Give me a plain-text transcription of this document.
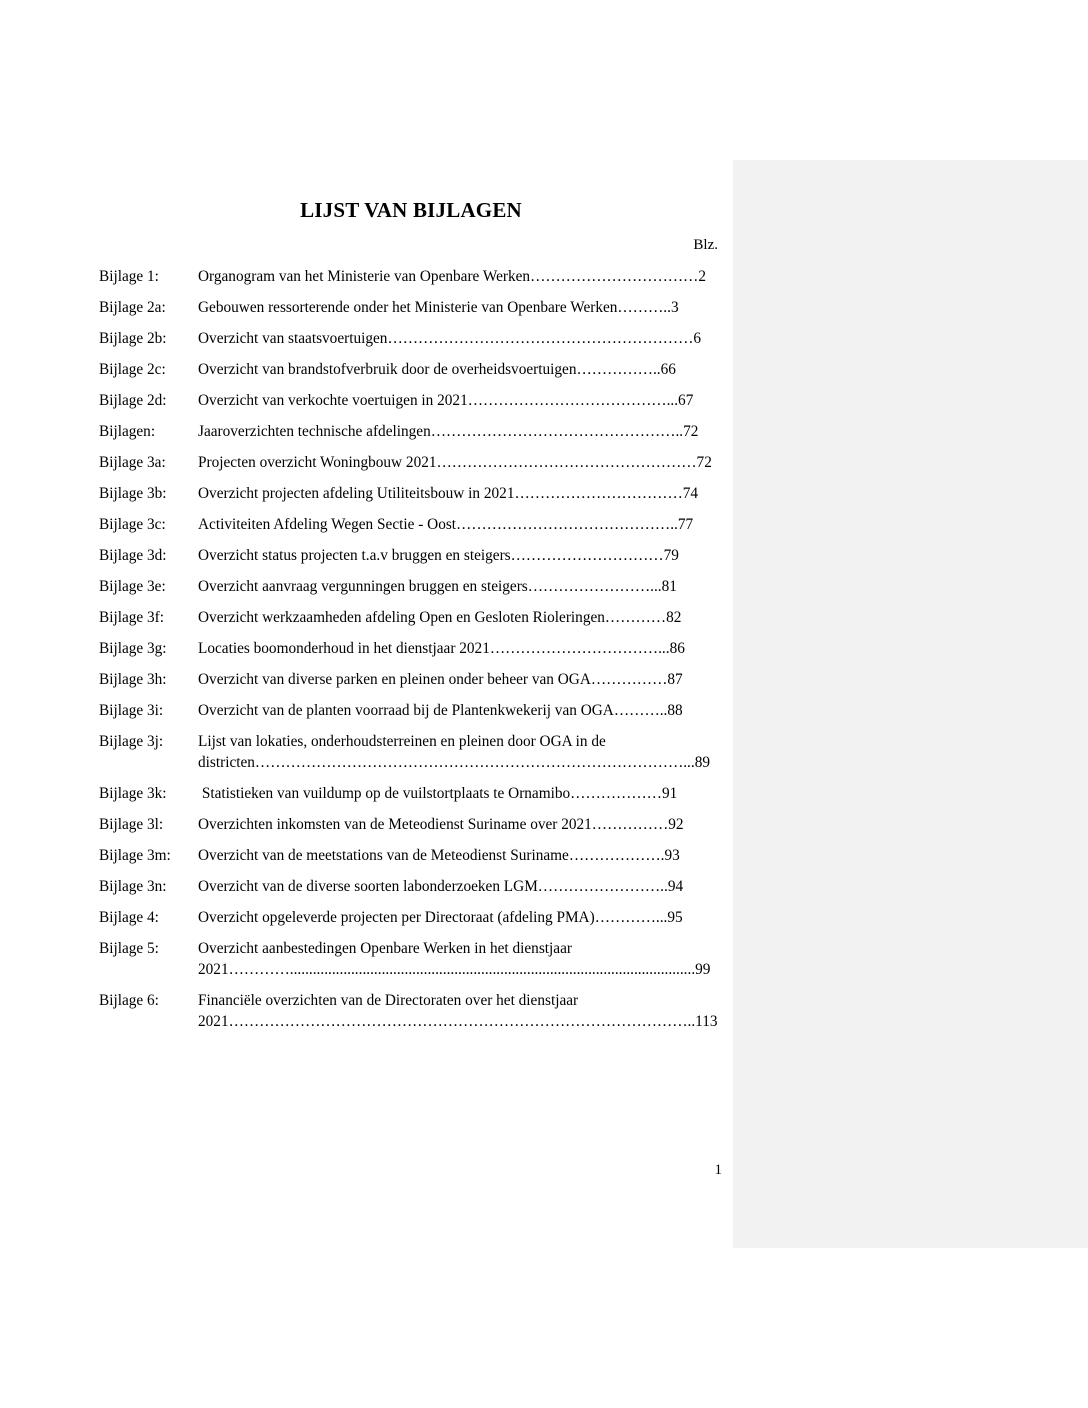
LIJST VAN BIJLAGEN
Blz.
Bijlage 1:	Organogram van het Ministerie van Openbare Werken……………………………2
Bijlage 2a:	Gebouwen ressorterende onder het Ministerie van Openbare Werken………..3
Bijlage 2b:	Overzicht van staatsvoertuigen……………………………………………………6
Bijlage 2c:	Overzicht van brandstofverbruik door de overheidsvoertuigen……………..66
Bijlage 2d:	Overzicht van verkochte voertuigen in 2021…………………………………...67
Bijlagen:	Jaaroverzichten technische afdelingen…………………………………………..72
Bijlage 3a:	Projecten overzicht Woningbouw 2021……………………………………………72
Bijlage 3b:	Overzicht projecten afdeling Utiliteitsbouw in 2021……………………………74
Bijlage 3c:	Activiteiten Afdeling Wegen Sectie - Oost……………………………………..77
Bijlage 3d:	Overzicht status projecten t.a.v bruggen en steigers…………………………79
Bijlage 3e:	Overzicht aanvraag vergunningen bruggen en steigers……………………...81
Bijlage 3f:	Overzicht werkzaamheden afdeling Open en Gesloten Rioleringen…………82
Bijlage 3g:	Locaties boomonderhoud in het dienstjaar 2021……………………………...86
Bijlage 3h:	Overzicht van diverse parken en pleinen onder beheer van OGA……………87
Bijlage 3i:	Overzicht van de planten voorraad bij de Plantenkwekerij van OGA………..88
Bijlage 3j:	Lijst van lokaties, onderhoudsterreinen en pleinen door OGA in de
districten…………………………………………………………………………...89
Bijlage 3k:	Statistieken van vuildump op de vuilstortplaats te Ornamibo………………91
Bijlage 3l:	Overzichten inkomsten van de Meteodienst Suriname over 2021……………92
Bijlage 3m:	Overzicht van de meetstations van de Meteodienst Suriname……………….93
Bijlage 3n:	Overzicht van de diverse soorten labonderzoeken LGM……………………..94
Bijlage 4:	Overzicht opgeleverde projecten per Directoraat (afdeling PMA)…………...95
Bijlage 5:	Overzicht aanbestedingen Openbare Werken in het dienstjaar
2021…………..........................................................................................................99
Bijlage 6:	Financiële overzichten van de Directoraten over het dienstjaar
2021………………………………………………………………………………..113
1
